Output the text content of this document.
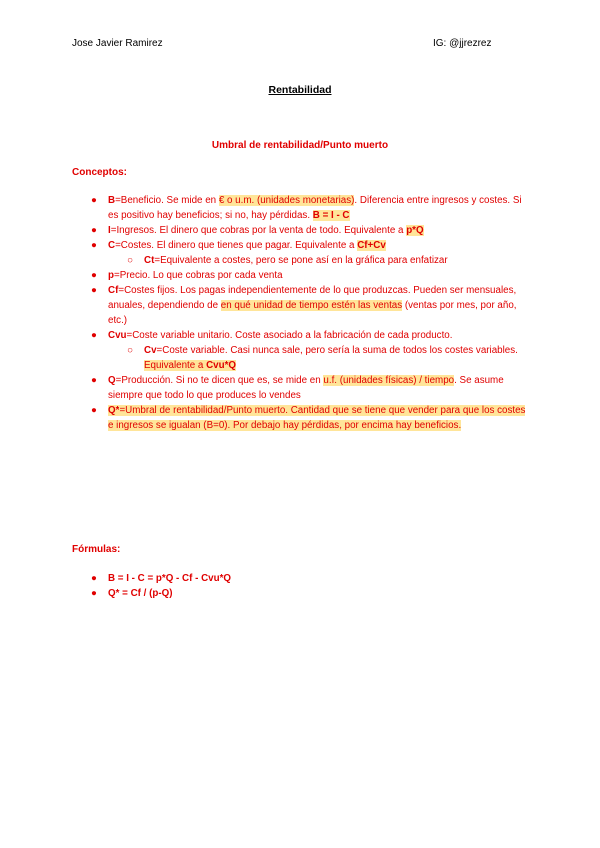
Jose Javier Ramirez	IG: @jjrezrez
Rentabilidad
Umbral de rentabilidad/Punto muerto
Conceptos:
● B=Beneficio. Se mide en € o u.m. (unidades monetarias). Diferencia entre ingresos y costes. Si es positivo hay beneficios; si no, hay pérdidas. B = I - C
● I=Ingresos. El dinero que cobras por la venta de todo. Equivalente a p*Q
● C=Costes. El dinero que tienes que pagar. Equivalente a Cf+Cv
○ Ct=Equivalente a costes, pero se pone así en la gráfica para enfatizar
● p=Precio. Lo que cobras por cada venta
● Cf=Costes fijos. Los pagas independientemente de lo que produzcas. Pueden ser mensuales, anuales, dependiendo de en qué unidad de tiempo estén las ventas (ventas por mes, por año, etc.)
● Cvu=Coste variable unitario. Coste asociado a la fabricación de cada producto.
○ Cv=Coste variable. Casi nunca sale, pero sería la suma de todos los costes variables. Equivalente a Cvu*Q
● Q=Producción. Si no te dicen que es, se mide en u.f. (unidades físicas) / tiempo. Se asume siempre que todo lo que produces lo vendes
● Q*=Umbral de rentabilidad/Punto muerto. Cantidad que se tiene que vender para que los costes e ingresos se igualan (B=0). Por debajo hay pérdidas, por encima hay beneficios.
Fórmulas:
● B = I - C = p*Q - Cf - Cvu*Q
● Q* = Cf / (p-Q)
